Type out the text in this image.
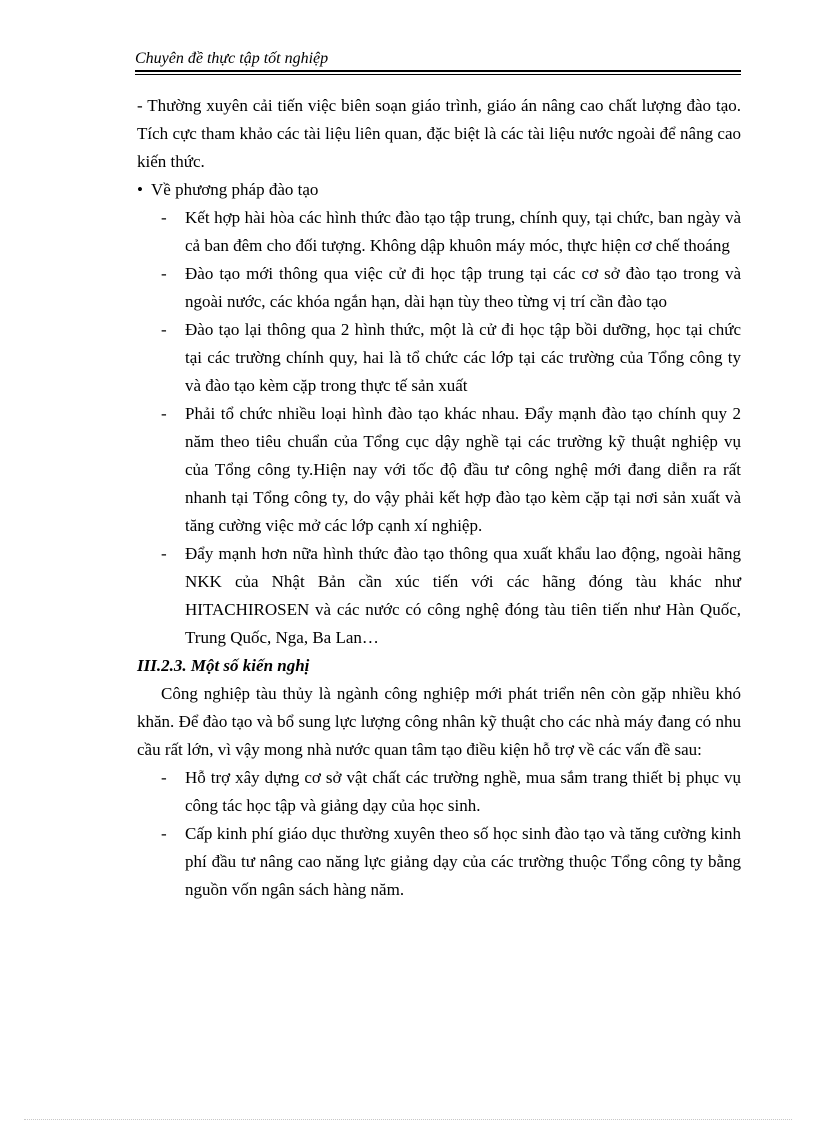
Chuyên đề thực tập tốt nghiệp

- Thường xuyên cải tiến việc biên soạn giáo trình, giáo án nâng cao chất lượng đào tạo. Tích cực tham khảo các tài liệu liên quan, đặc biệt là các tài liệu nước ngoài để nâng cao kiến thức.

• Về phương pháp đào tạo
- Kết hợp hài hòa các hình thức đào tạo tập trung, chính quy, tại chức, ban ngày và cả ban đêm cho đối tượng. Không dập khuôn máy móc, thực hiện cơ chế thoáng
- Đào tạo mới thông qua việc cử đi học tập trung tại các cơ sở đào tạo trong và ngoài nước, các khóa ngắn hạn, dài hạn tùy theo từng vị trí cần đào tạo
- Đào tạo lại thông qua 2 hình thức, một là cử đi học tập bồi dưỡng, học tại chức tại các trường chính quy, hai là tổ chức các lớp tại các trường của Tổng công ty và đào tạo kèm cặp trong thực tế sản xuất
- Phải tổ chức nhiều loại hình đào tạo khác nhau. Đẩy mạnh đào tạo chính quy 2 năm theo tiêu chuẩn của Tổng cục dậy nghề tại các trường kỹ thuật nghiệp vụ của Tổng công ty.Hiện nay với tốc độ đầu tư công nghệ mới đang diễn ra rất nhanh tại Tổng công ty, do vậy phải kết hợp đào tạo kèm cặp tại nơi sản xuất và tăng cường việc mở các lớp cạnh xí nghiệp.
- Đẩy mạnh hơn nữa hình thức đào tạo thông qua xuất khẩu lao động, ngoài hãng NKK của Nhật Bản cần xúc tiến với các hãng đóng tàu khác như HITACHIROSEN và các nước có công nghệ đóng tàu tiên tiến như Hàn Quốc, Trung Quốc, Nga, Ba Lan…

III.2.3. Một số kiến nghị

Công nghiệp tàu thủy là ngành công nghiệp mới phát triển nên còn gặp nhiều khó khăn. Để đào tạo và bổ sung lực lượng công nhân kỹ thuật cho các nhà máy đang có nhu cầu rất lớn, vì vậy mong nhà nước quan tâm tạo điều kiện hỗ trợ về các vấn đề sau:

- Hỗ trợ xây dựng cơ sở vật chất các trường nghề, mua sắm trang thiết bị phục vụ công tác học tập và giảng dạy của học sinh.
- Cấp kinh phí giáo dục thường xuyên theo số học sinh đào tạo và tăng cường kinh phí đầu tư nâng cao năng lực giảng dạy của các trường thuộc Tổng công ty bằng nguồn vốn ngân sách hàng năm.
